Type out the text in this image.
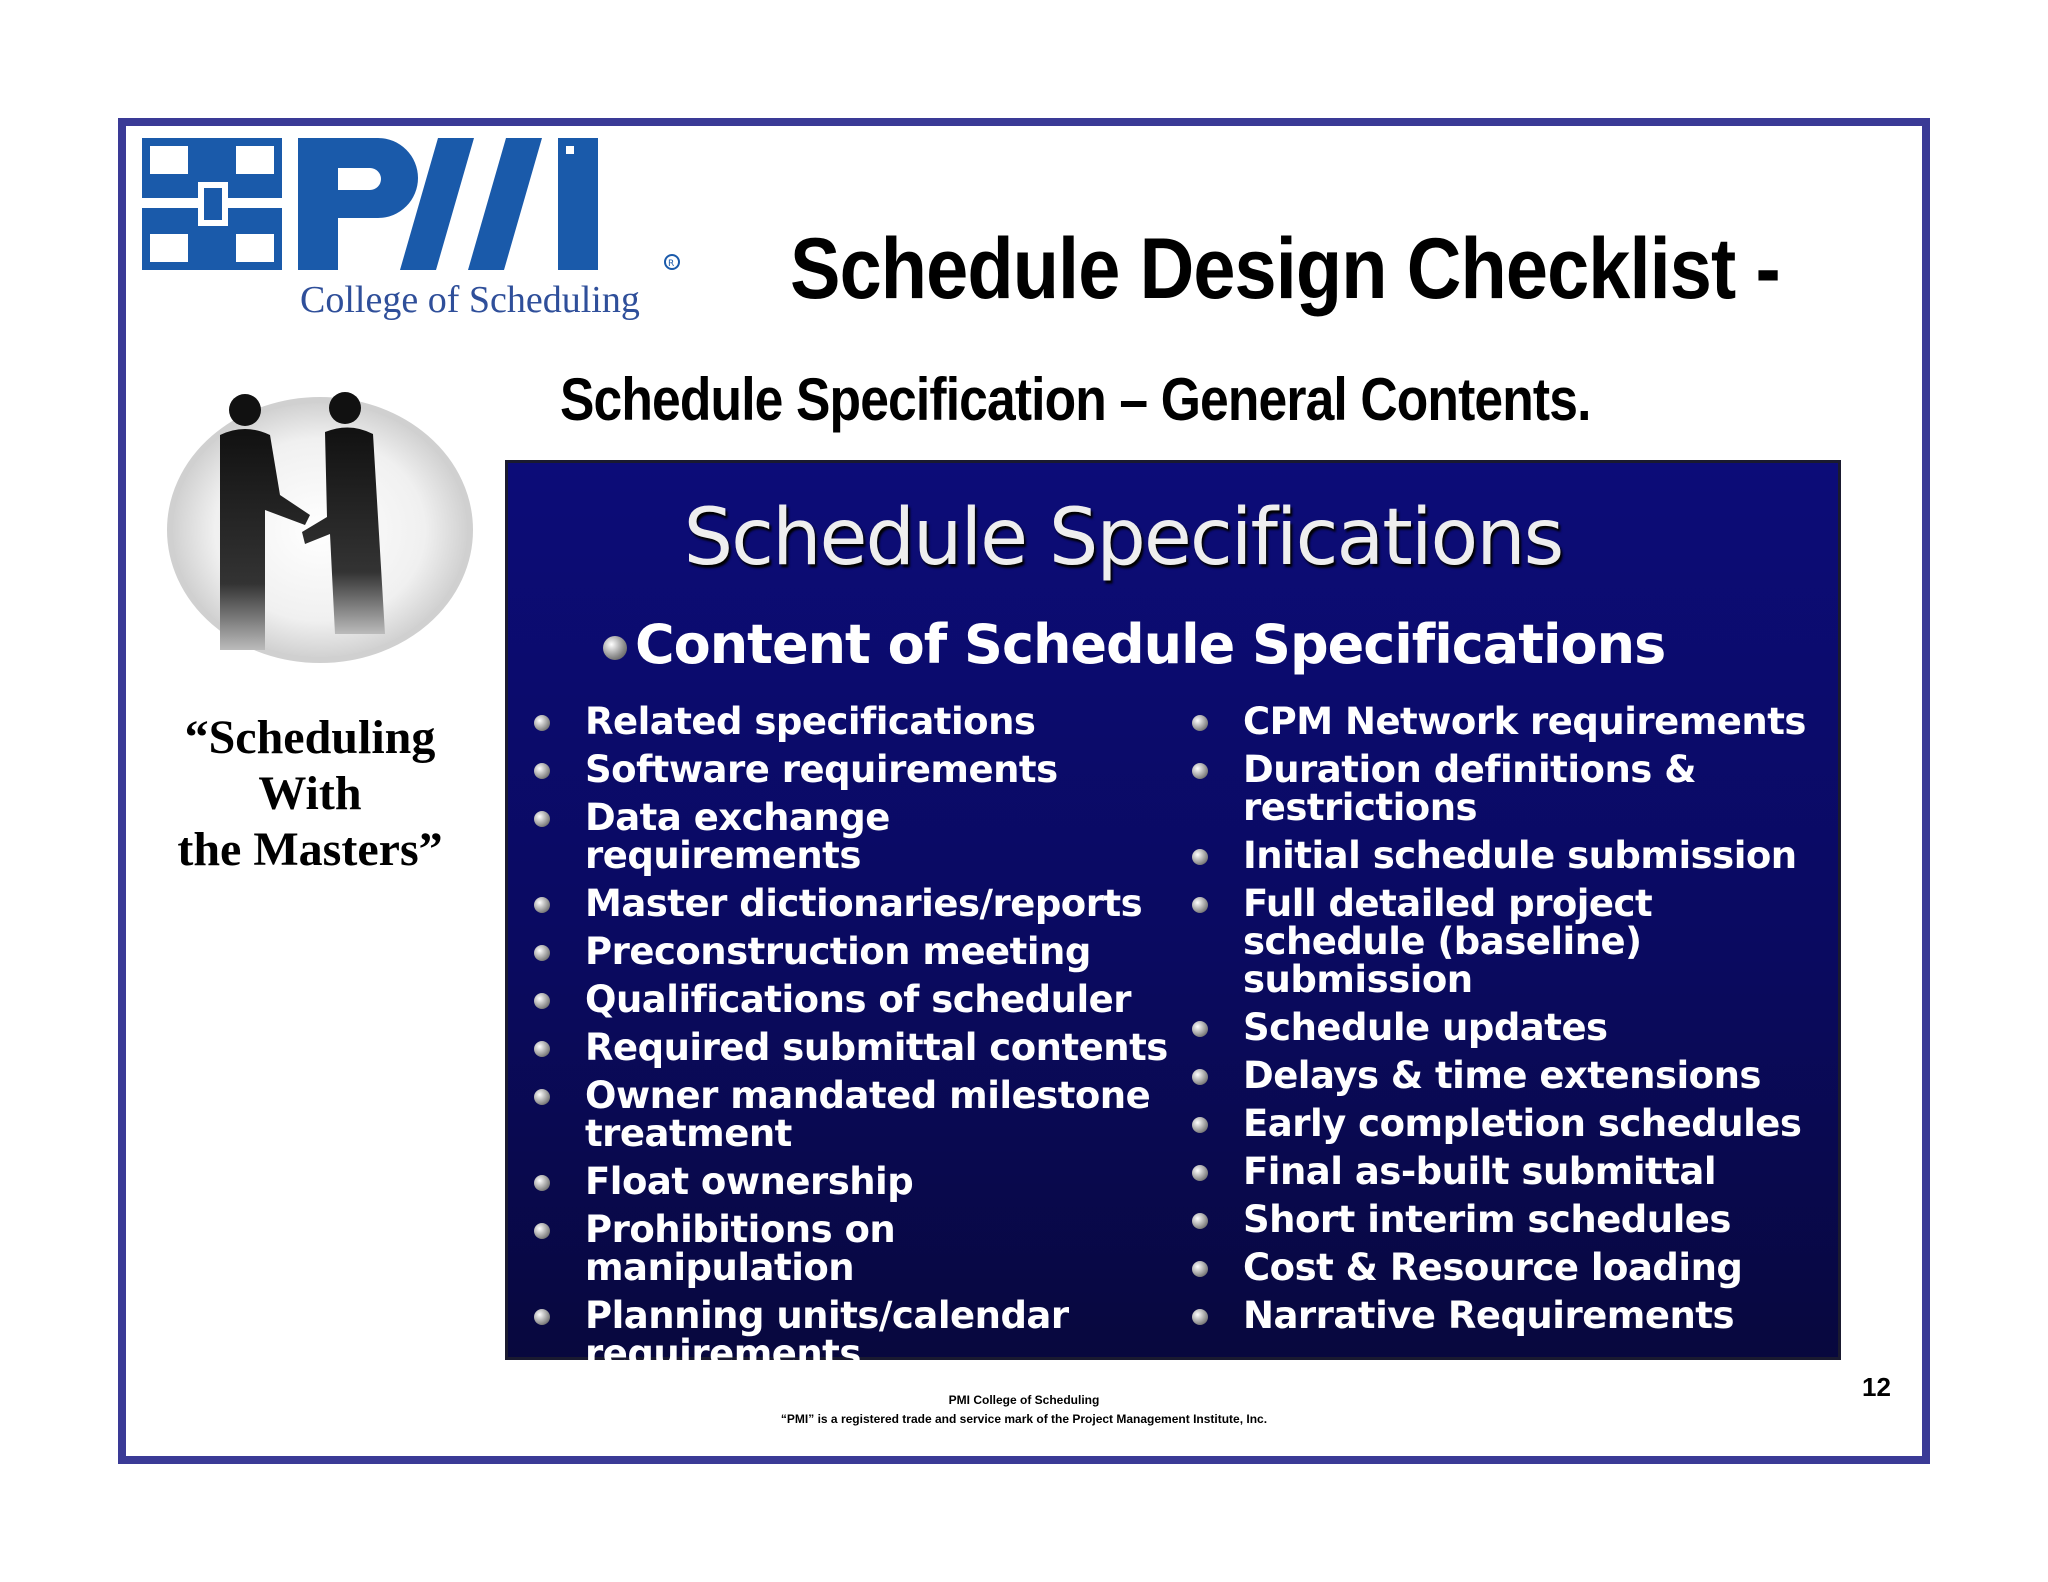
R
College of Scheduling Schedule Design Checklist -
Schedule Specification – General Contents.
“Scheduling
With
the Masters”
Schedule Specifications
Content of Schedule Specifications
Related specifications
Software requirements
Data exchange requirements
Master dictionaries/reports
Preconstruction meeting
Qualifications of scheduler
Required submittal contents
Owner mandated milestone treatment
Float ownership
Prohibitions on manipulation
Planning units/calendar requirements
CPM Network requirements
Duration definitions & restrictions
Initial schedule submission
Full detailed project schedule (baseline) submission
Schedule updates
Delays & time extensions
Early completion schedules
Final as-built submittal
Short interim schedules
Cost & Resource loading
Narrative Requirements
PMI College of Scheduling
“PMI” is a registered trade and service mark of the Project Management Institute, Inc.
12
